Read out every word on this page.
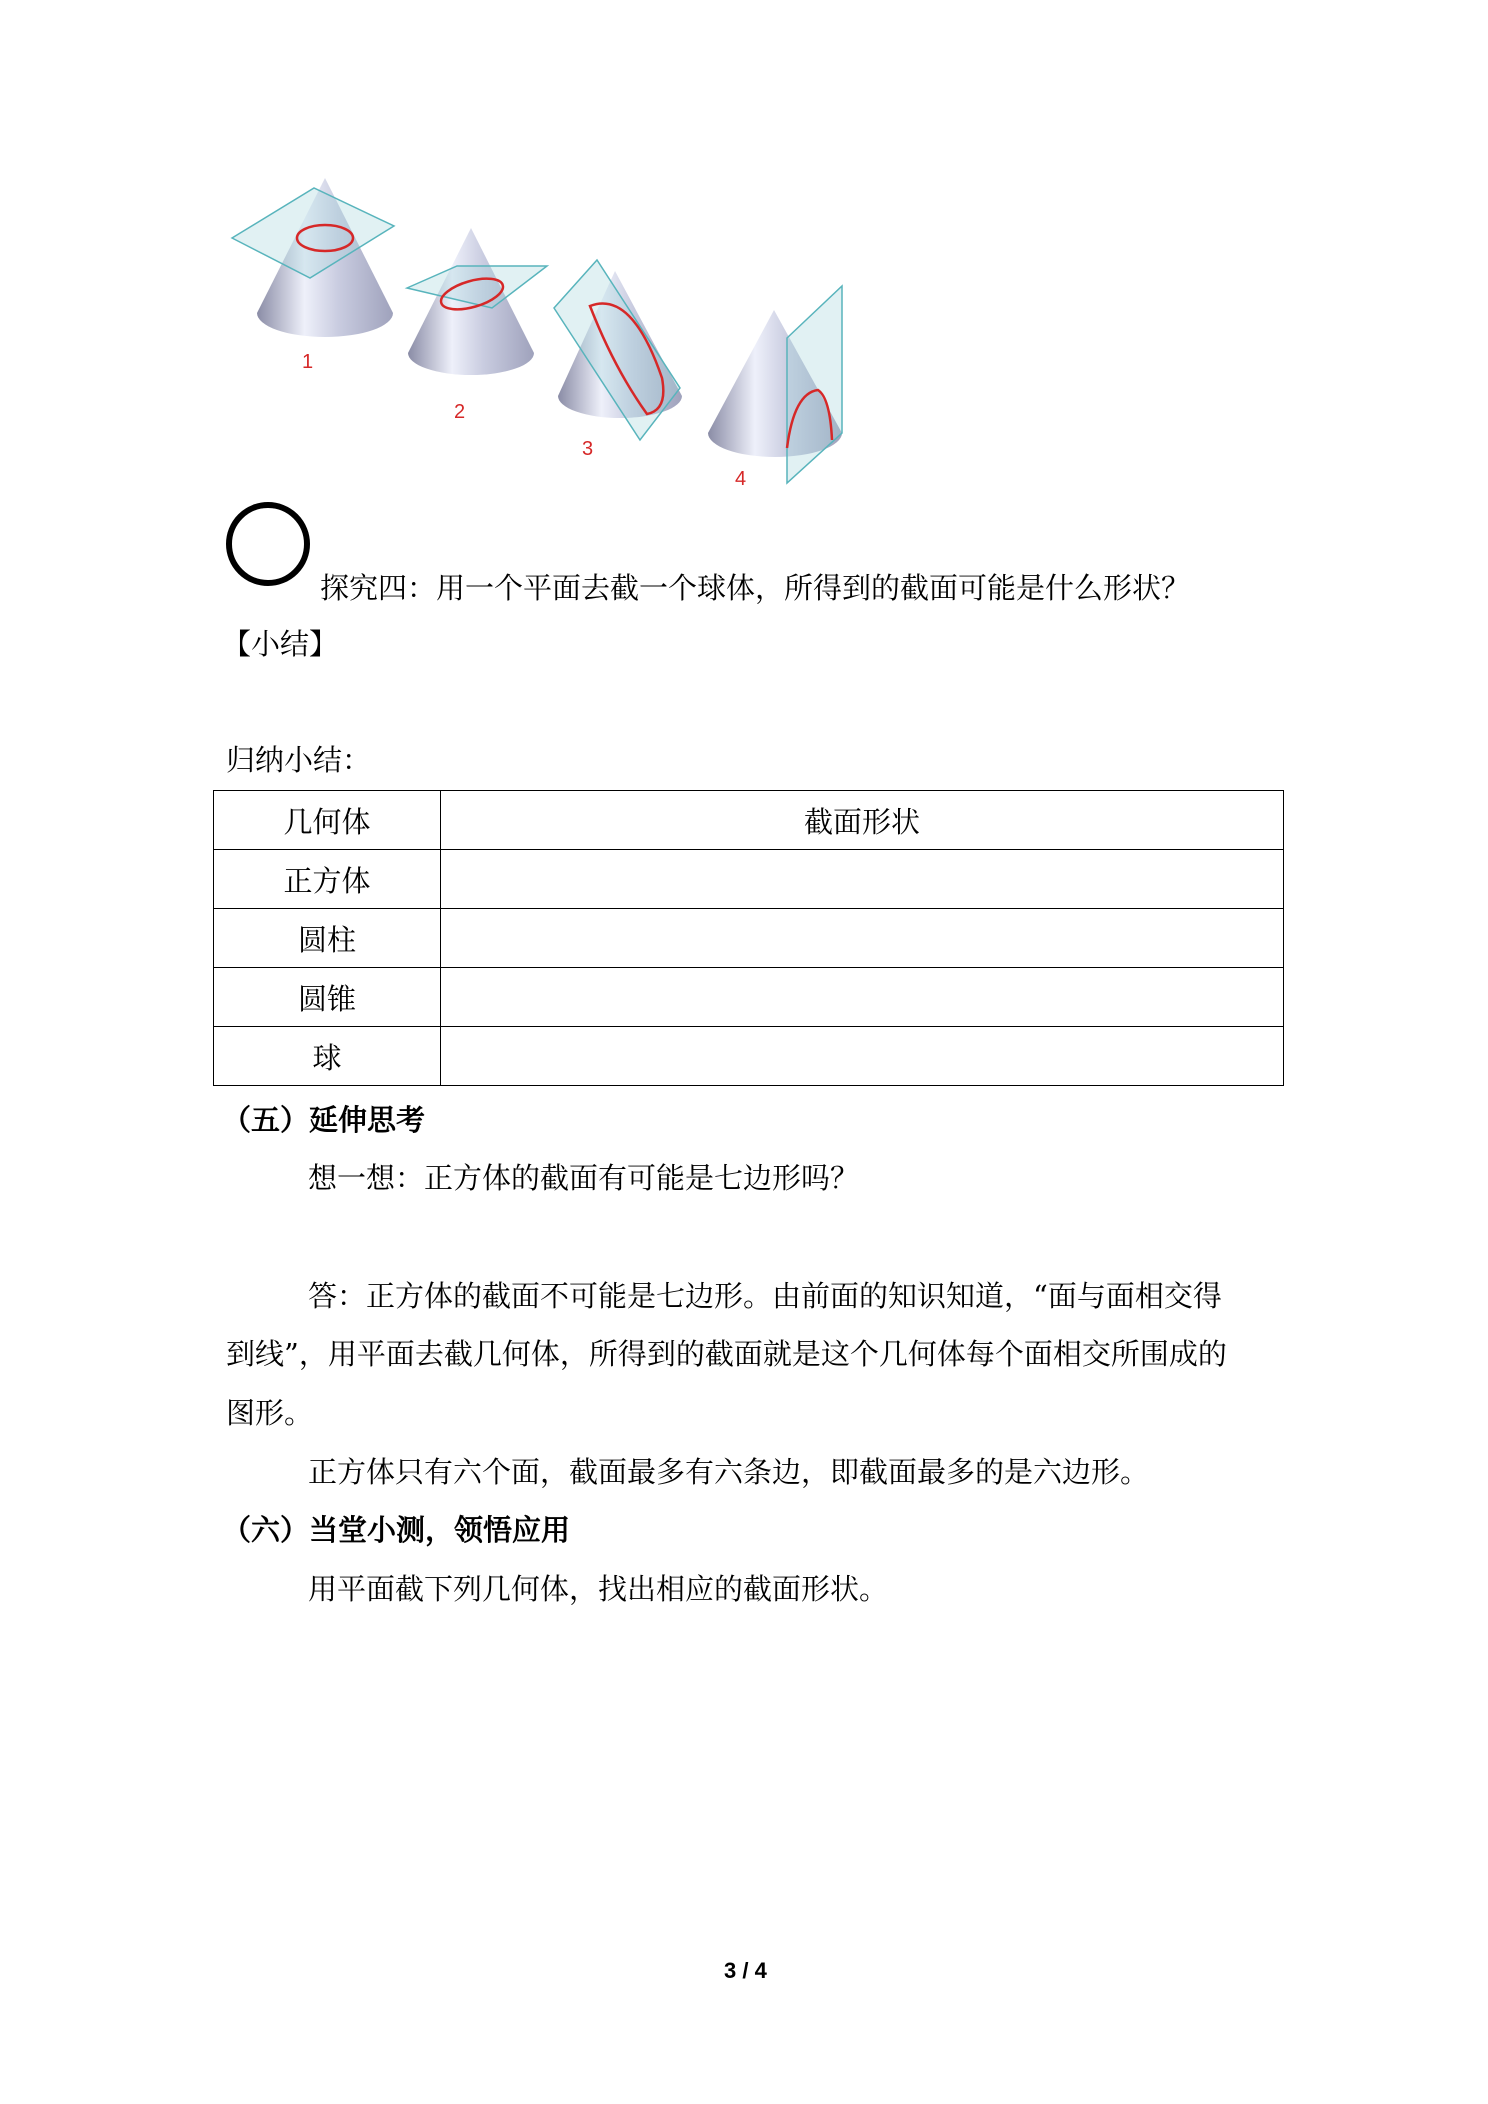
1
2
3
4
探究四：用一个平面去截一个球体，所得到的截面可能是什么形状？
【小结】
归纳小结：
几何体	截面形状
正方体	
圆柱	
圆锥	
球	
（五）延伸思考
想一想：正方体的截面有可能是七边形吗？
答：正方体的截面不可能是七边形。由前面的知识知道，“面与面相交得
到线”，用平面去截几何体，所得到的截面就是这个几何体每个面相交所围成的
图形。
正方体只有六个面，截面最多有六条边，即截面最多的是六边形。
（六）当堂小测，领悟应用
用平面截下列几何体，找出相应的截面形状。
3 / 4
